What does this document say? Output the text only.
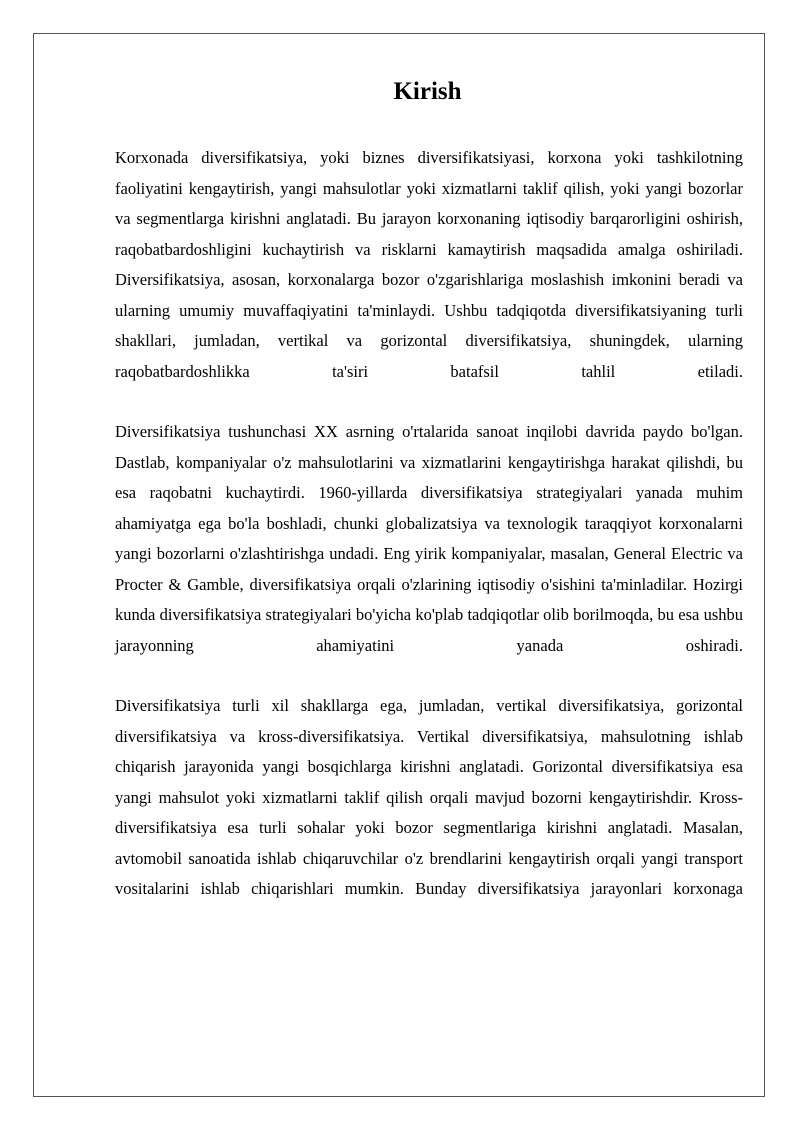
Kirish

Korxonada diversifikatsiya, yoki biznes diversifikatsiyasi, korxona yoki tashkilotning faoliyatini kengaytirish, yangi mahsulotlar yoki xizmatlarni taklif qilish, yoki yangi bozorlar va segmentlarga kirishni anglatadi. Bu jarayon korxonaning iqtisodiy barqarorligini oshirish, raqobatbardoshligini kuchaytirish va risklarni kamaytirish maqsadida amalga oshiriladi. Diversifikatsiya, asosan, korxonalarga bozor o'zgarishlariga moslashish imkonini beradi va ularning umumiy muvaffaqiyatini ta'minlaydi. Ushbu tadqiqotda diversifikatsiyaning turli shakllari, jumladan, vertikal va gorizontal diversifikatsiya, shuningdek, ularning raqobatbardoshlikka ta'siri batafsil tahlil etiladi.

Diversifikatsiya tushunchasi XX asrning o'rtalarida sanoat inqilobi davrida paydo bo'lgan. Dastlab, kompaniyalar o'z mahsulotlarini va xizmatlarini kengaytirishga harakat qilishdi, bu esa raqobatni kuchaytirdi. 1960-yillarda diversifikatsiya strategiyalari yanada muhim ahamiyatga ega bo'la boshladi, chunki globalizatsiya va texnologik taraqqiyot korxonalarni yangi bozorlarni o'zlashtirishga undadi. Eng yirik kompaniyalar, masalan, General Electric va Procter & Gamble, diversifikatsiya orqali o'zlarining iqtisodiy o'sishini ta'minladilar. Hozirgi kunda diversifikatsiya strategiyalari bo'yicha ko'plab tadqiqotlar olib borilmoqda, bu esa ushbu jarayonning ahamiyatini yanada oshiradi.

Diversifikatsiya turli xil shakllarga ega, jumladan, vertikal diversifikatsiya, gorizontal diversifikatsiya va kross-diversifikatsiya. Vertikal diversifikatsiya, mahsulotning ishlab chiqarish jarayonida yangi bosqichlarga kirishni anglatadi. Gorizontal diversifikatsiya esa yangi mahsulot yoki xizmatlarni taklif qilish orqali mavjud bozorni kengaytirishdir. Kross-diversifikatsiya esa turli sohalar yoki bozor segmentlariga kirishni anglatadi. Masalan, avtomobil sanoatida ishlab chiqaruvchilar o'z brendlarini kengaytirish orqali yangi transport vositalarini ishlab chiqarishlari mumkin. Bunday diversifikatsiya jarayonlari korxonaga
